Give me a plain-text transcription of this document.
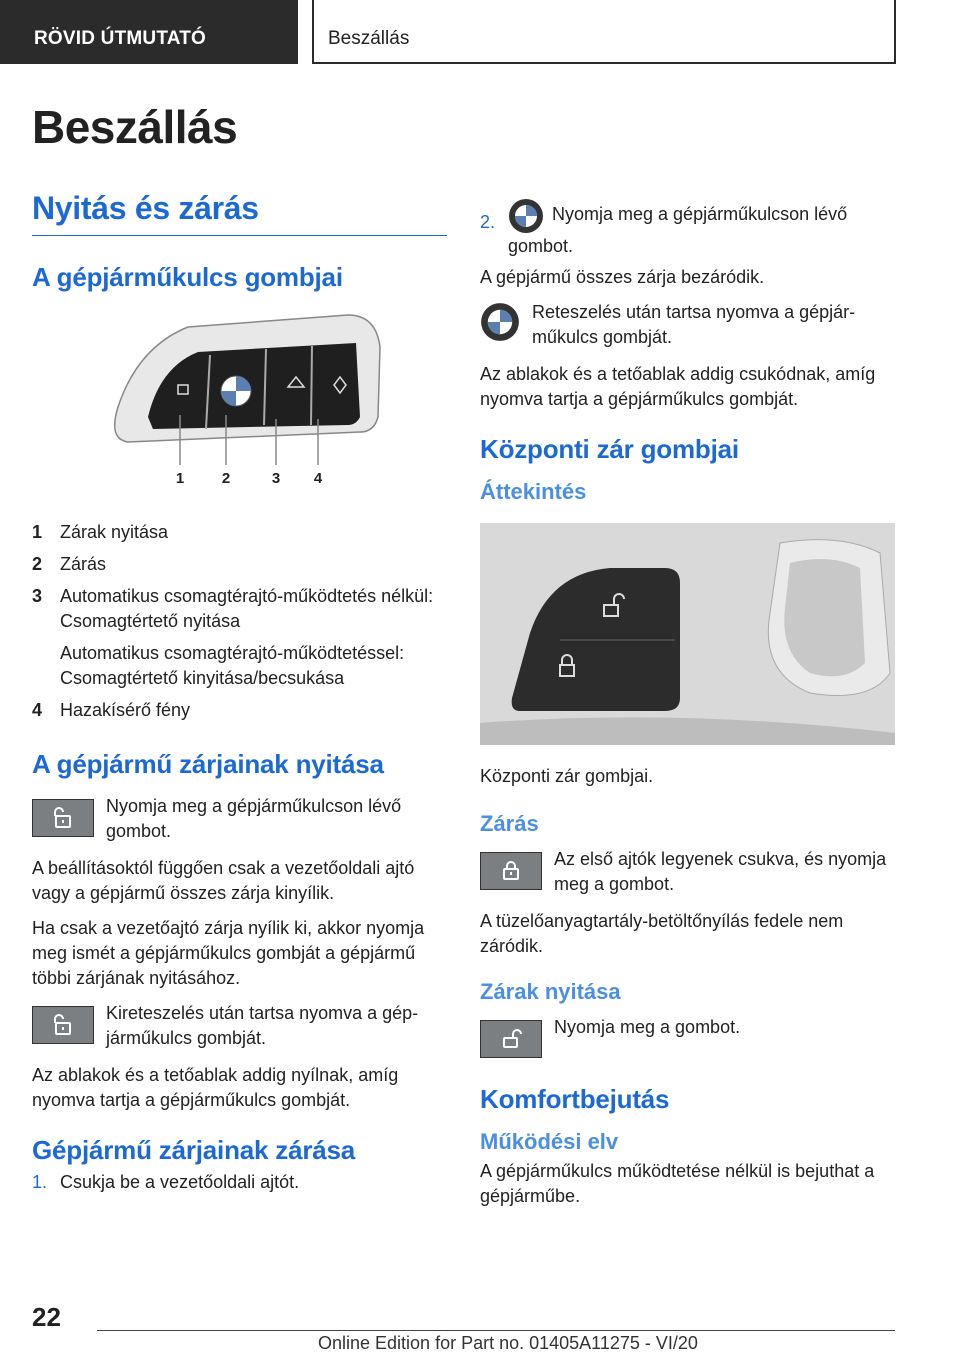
RÖVID ÚTMUTATÓ	Beszállás
Beszállás
Nyitás és zárás
A gépjárműkulcs gombjai
1	2	3 4
1 Zárak nyitása
2 Zárás
3 Automatikus csomagtérajtó-működtetés nélkül: Csomagtértető nyitása
Automatikus csomagtérajtó-működtetéssel: Csomagtértető kinyitása/becsukása
4 Hazakísérő fény
A gépjármű zárjainak nyitása
Nyomja meg a gépjárműkulcson lévő gombot.

A beállításoktól függően csak a vezetőoldali ajtó vagy a gépjármű összes zárja kinyílik.

Ha csak a vezetőajtó zárja nyílik ki, akkor nyomja meg ismét a gépjárműkulcs gombját a gépjármű többi zárjának nyitásához.

Kireteszelés után tartsa nyomva a gépjárműkulcs gombját.

Az ablakok és a tetőablak addig nyílnak, amíg nyomva tartja a gépjárműkulcs gombját.

Gépjármű zárjainak zárása
1. Csukja be a vezetőoldali ajtót.
2.	Nyomja meg a gépjárműkulcson lévő gombot.

A gépjármű összes zárja bezáródik.

Reteszelés után tartsa nyomva a gépjárműkulcs gombját.

Az ablakok és a tetőablak addig csukódnak, amíg nyomva tartja a gépjárműkulcs gombját.

Központi zár gombjai
Áttekintés

Központi zár gombjai.

Zárás
Az első ajtók legyenek csukva, és nyomja meg a gombot.

A tüzelőanyagtartály-betöltőnyílás fedele nem záródik.

Zárak nyitása
Nyomja meg a gombot.
Komfortbejutás
Működési elv

A gépjárműkulcs működtetése nélkül is bejuthat a gépjárműbe.

22
Online Edition for Part no. 01405A11275 - VI/20
